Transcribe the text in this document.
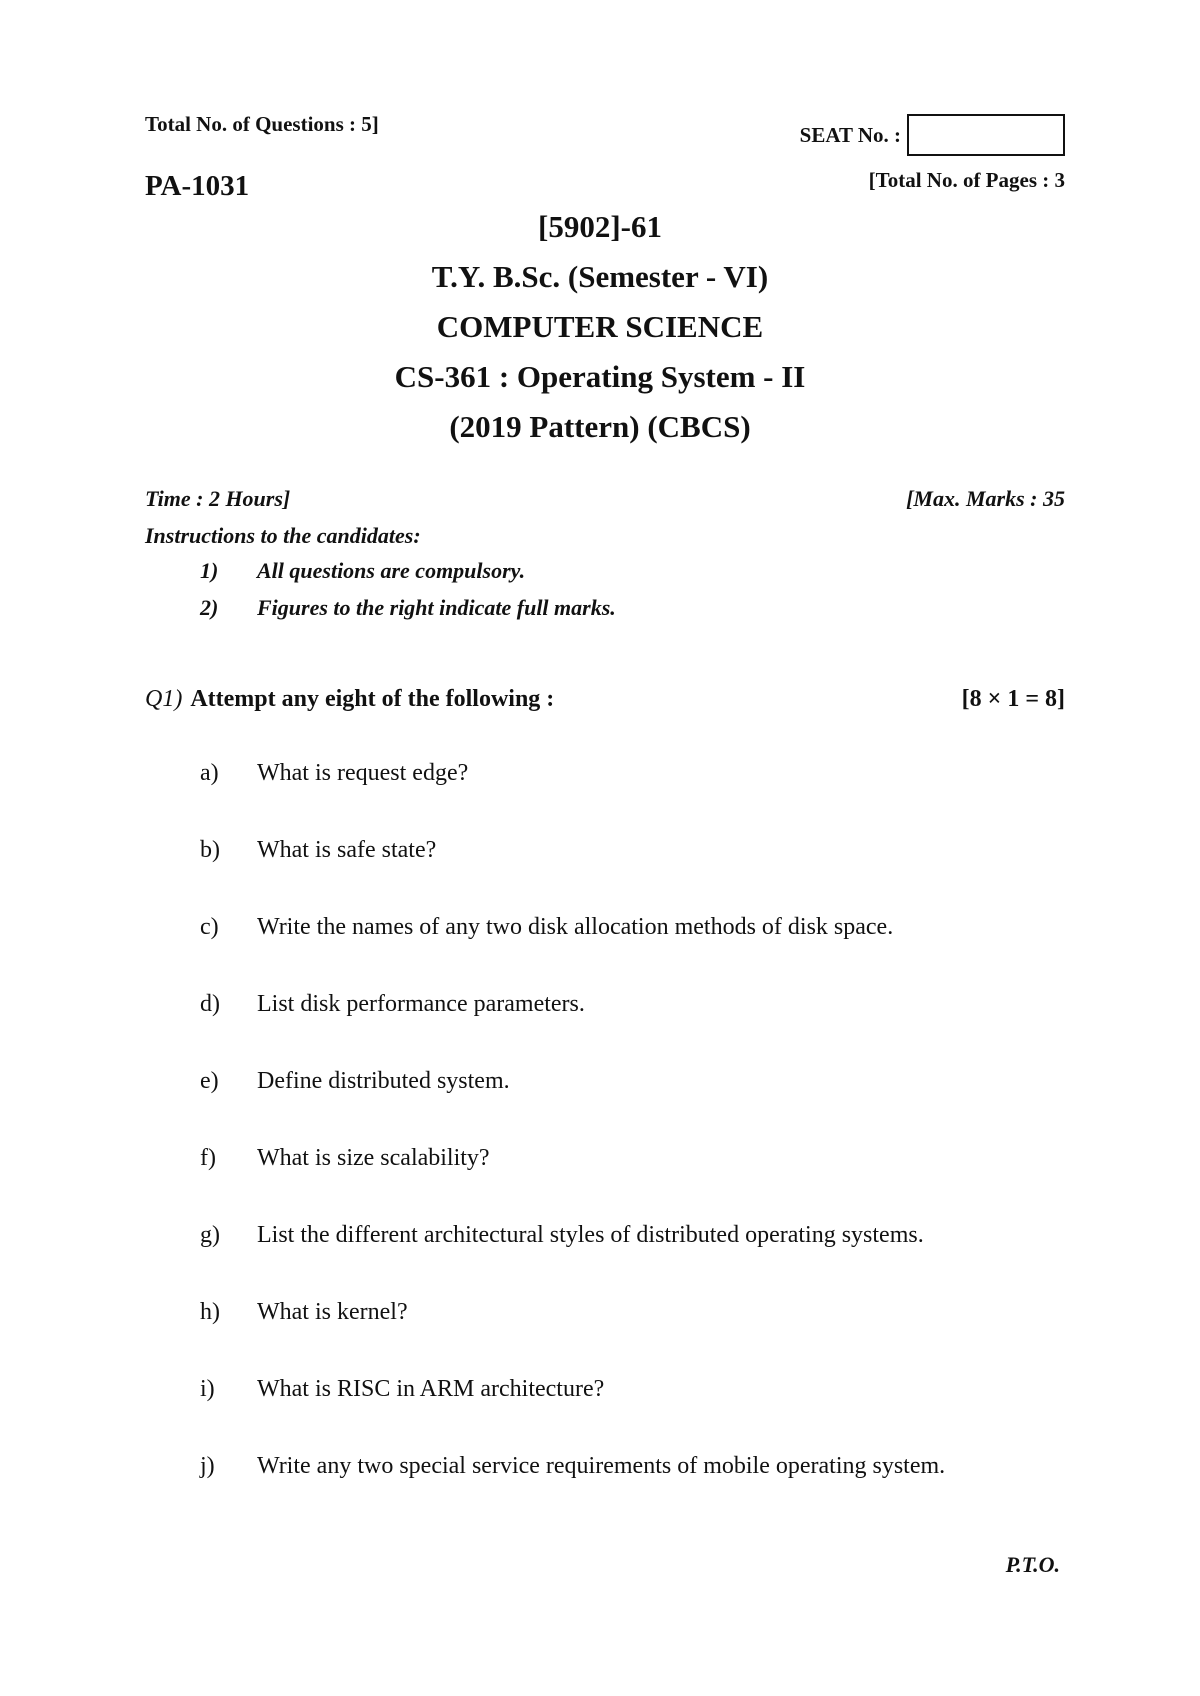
Total No. of Questions : 5]	SEAT No. :
PA-1031	[Total No. of Pages : 3

[5902]-61

T.Y. B.Sc. (Semester - VI)

COMPUTER SCIENCE

CS-361 : Operating System - II

(2019 Pattern) (CBCS)

Time : 2 Hours]	[Max. Marks : 35
Instructions to the candidates:
1)	All questions are compulsory.
2)	Figures to the right indicate full marks.
Q1) Attempt any eight of the following :	[8 × 1 = 8]
a)	What is request edge?
b)	What is safe state?
c)	Write the names of any two disk allocation methods of disk space.
d)	List disk performance parameters.
e)	Define distributed system.
f)	What is size scalability?
g)	List the different architectural styles of distributed operating systems.
h)	What is kernel?
i)	What is RISC in ARM architecture?
j)	Write any two special service requirements of mobile operating system.
P.T.O.
